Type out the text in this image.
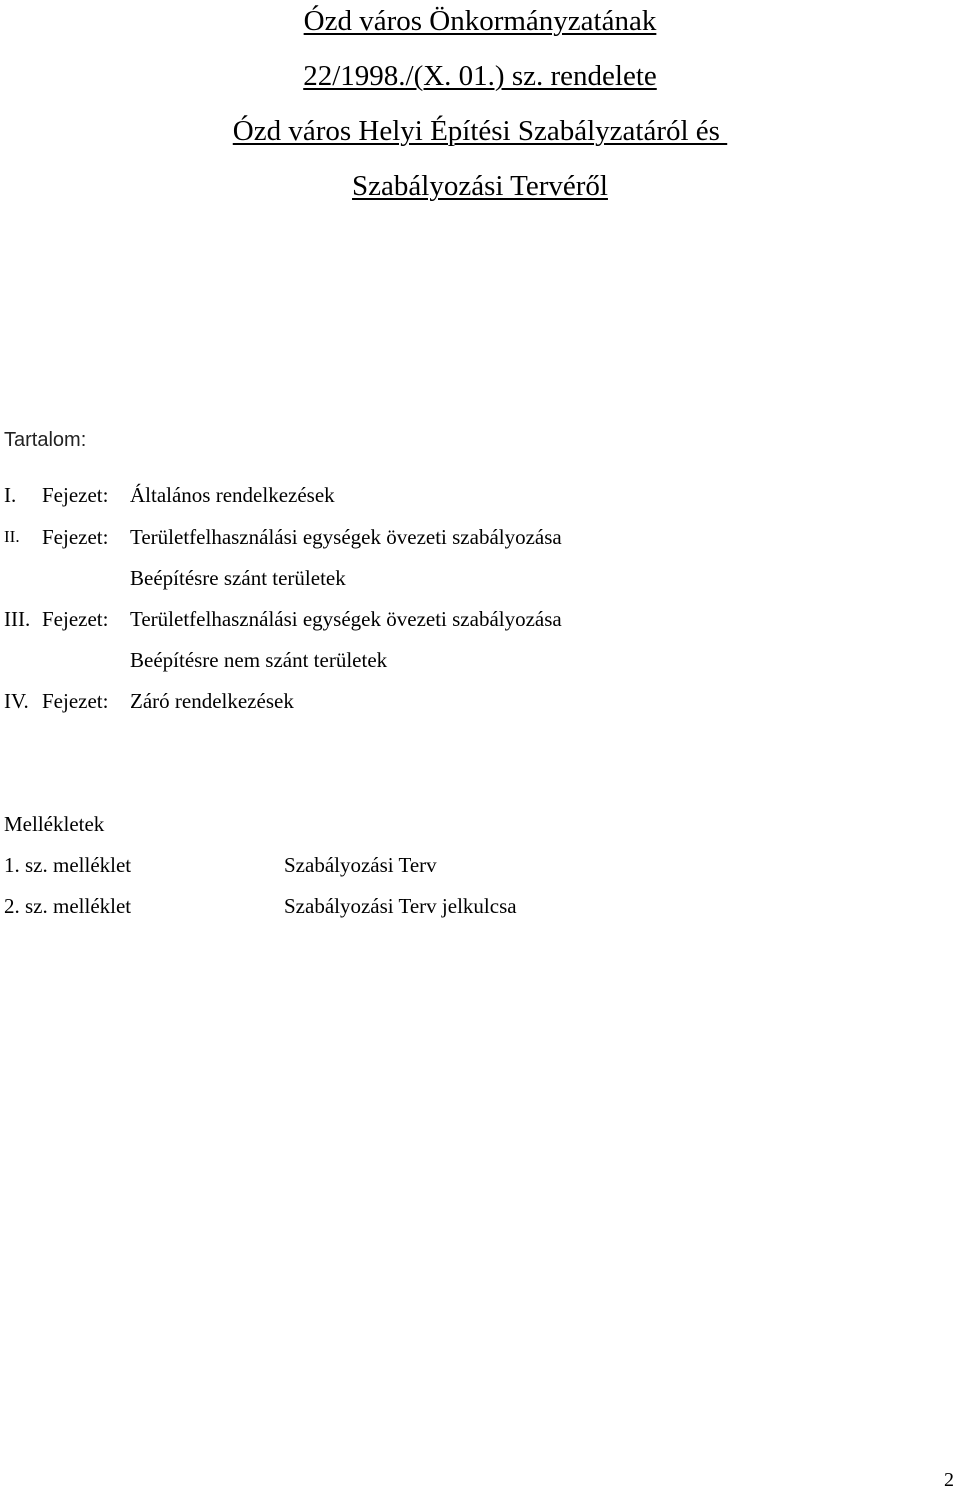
Ózd város Önkormányzatának
22/1998./(X. 01.) sz. rendelete
Ózd város Helyi Építési Szabályzatáról és
Szabályozási Tervéről
Tartalom:
I. Fejezet: Általános rendelkezések
II. Fejezet: Területfelhasználási egységek övezeti szabályozása
Beépítésre szánt területek
III. Fejezet: Területfelhasználási egységek övezeti szabályozása
Beépítésre nem szánt területek
IV. Fejezet: Záró rendelkezések
Mellékletek
1. sz. melléklet	Szabályozási Terv
2. sz. melléklet	Szabályozási Terv jelkulcsa
2
